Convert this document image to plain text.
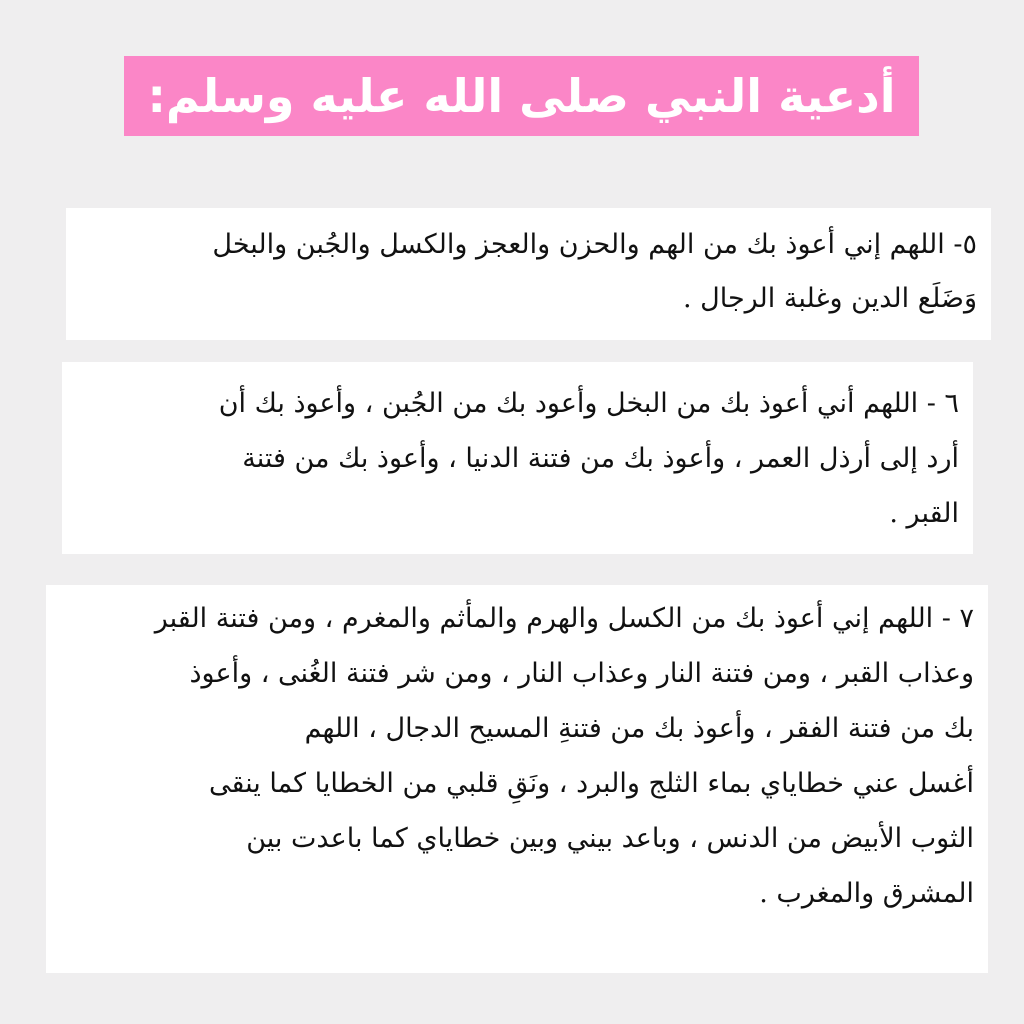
أدعية النبي صلى الله عليه وسلم:
٥- اللهم إني أعوذ بك من الهم والحزن والعجز والكسل والجُبن والبخل
وَضَلَع الدين وغلبة الرجال .
٦ - اللهم أني أعوذ بك من البخل وأعود بك من الجُبن ، وأعوذ بك أن
أرد إلى أرذل العمر ، وأعوذ بك من فتنة الدنيا ، وأعوذ بك من فتنة
القبر .
٧ - اللهم إني أعوذ بك من الكسل والهرم والمأثم والمغرم ، ومن فتنة القبر
وعذاب القبر ، ومن فتنة النار وعذاب النار ، ومن شر فتنة الغُنى ، وأعوذ
بك من فتنة الفقر ، وأعوذ بك من فتنةِ المسيح الدجال ، اللهم
أغسل عني خطاياي بماء الثلج والبرد ، ونَقِ قلبي من الخطايا كما ينقى
الثوب الأبيض من الدنس ، وباعد بيني وبين خطاياي كما باعدت بين
المشرق والمغرب .
